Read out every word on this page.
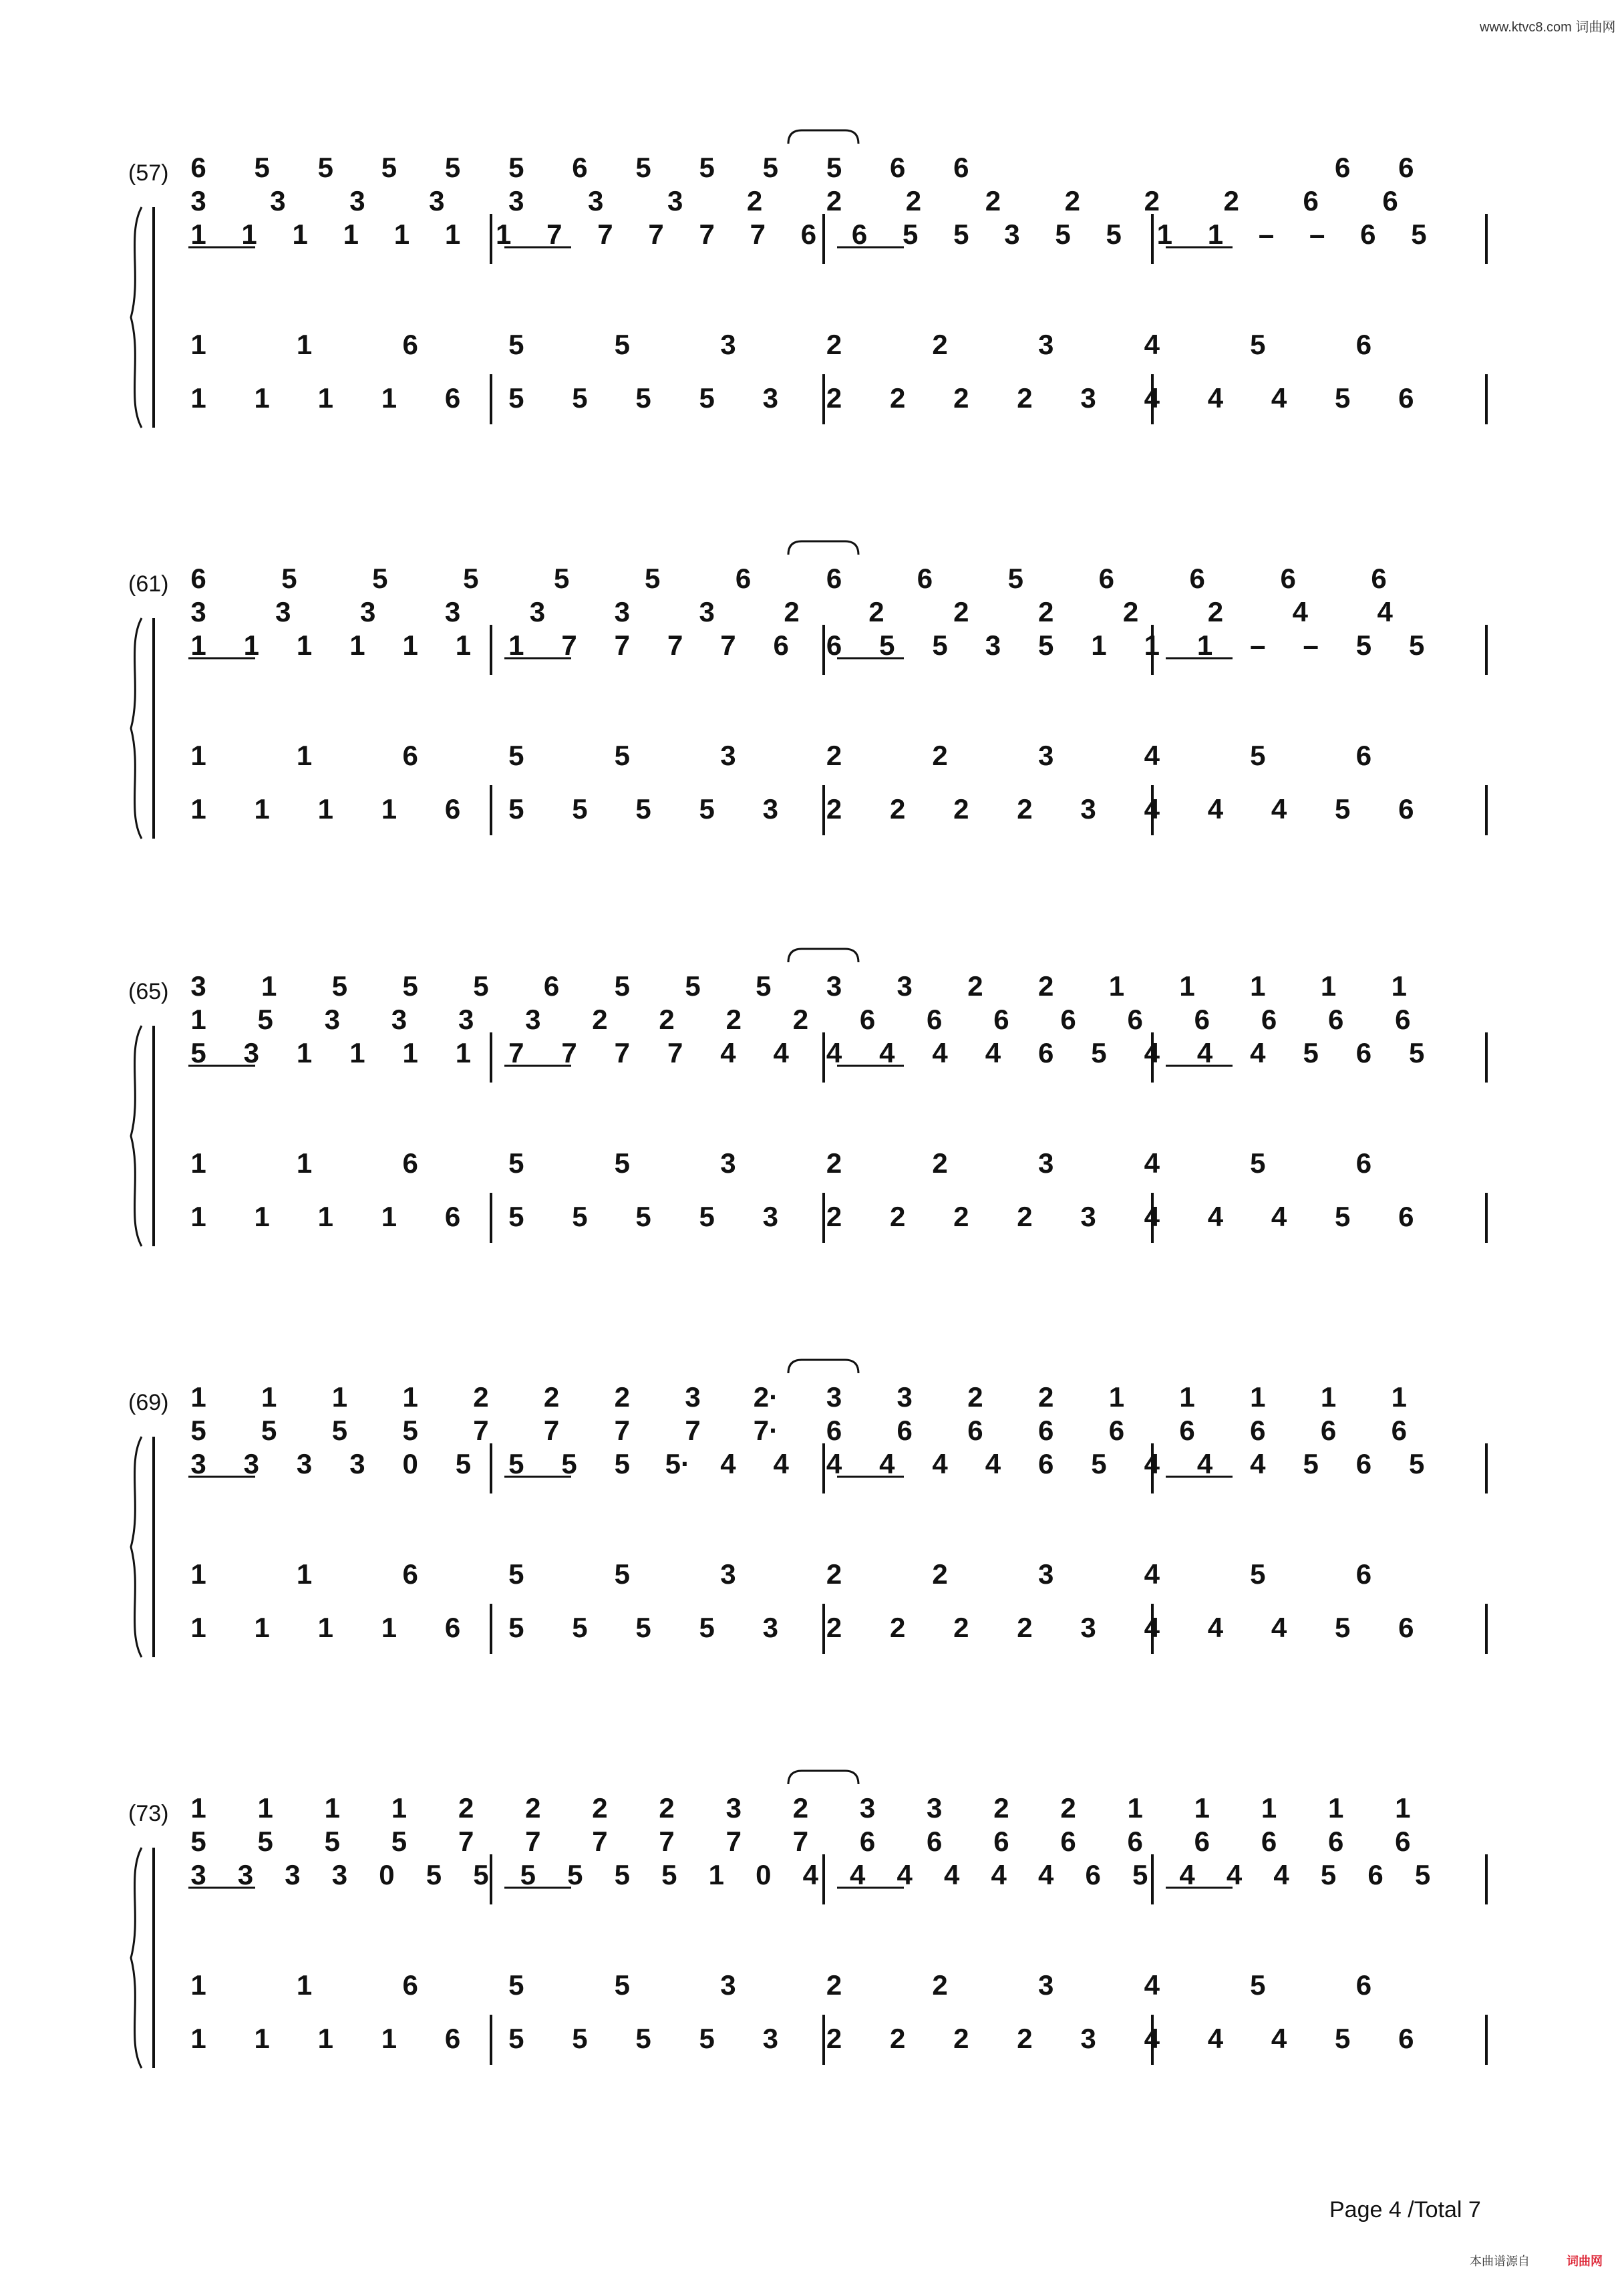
www.ktvc8.com 词曲网
(57) 6 5 5 5 5 5 6 5 5 5 5 6 6	6 6
3 3 3 3 3 3 3 2 2 2 2 2 2 2 6 6
1 1 1 1 1 1 1 7 7 7 7 7 6 6 5 5 3 5 5 1 1 – – 6 5
1	1	6	5	5	3	2	2	3	4	5	6
1 1 1 1 6 5 5 5 5 3 2 2 2 2 3 4 4 4 5 6
(61) 6	5	5	5	5	5	6	6	6	5	6	6	6	6
3 3 3 3 3 3 3 2 2 2 2 2 2 4 4
1 1 1 1 1 1 1 7 7 7 7 6 6 5 5 3 5 1 1 1 – – 5 5
1	1	6	5	5	3	2	2	3	4	5	6
1 1 1 1 6 5 5 5 5 3 2 2 2 2 3 4 4 4 5 6
(65) 3 1 5 5 5 6 5 5 5 3 3 2 2 1 1 1 1 1
1 5 3 3 3 3 2 2 2 2 6 6 6 6 6 6 6 6 6
5 3 1 1 1 1 7 7 7 7 4 4 4 4 4 4 6 5 4 4 4 5 6 5
1	1	6	5	5	3	2	2	3	4	5	6
1 1 1 1 6 5 5 5 5 3 2 2 2 2 3 4 4 4 5 6
(69) 1 1 1 1 2 2 2 3 2· 3 3 2 2 1 1 1 1 1
5 5 5 5 7 7 7 7 7· 6 6 6 6 6 6 6 6 6
3 3 3 3 0 5 5 5 5 5· 4 4 4 4 4 4 6 5 4 4 4 5 6 5
1	1	6	5	5	3	2	2	3	4	5	6
1 1 1 1 6 5 5 5 5 3 2 2 2 2 3 4 4 4 5 6
(73) 1 1 1 1 2 2 2 2 3 2 3 3 2 2 1 1 1 1 1
5 5 5 5 7 7 7 7 7 7 6 6 6 6 6 6 6 6 6
3 3 3 3 0 5 5 5 5 5 5 1 0 4 4 4 4 4 4 6 5 4 4 4 5 6 5
1	1	6	5	5	3	2	2	3	4	5	6
1 1 1 1 6 5 5 5 5 3 2 2 2 2 3 4 4 4 5 6
Page 4 /Total 7
本曲谱源自	词曲网
